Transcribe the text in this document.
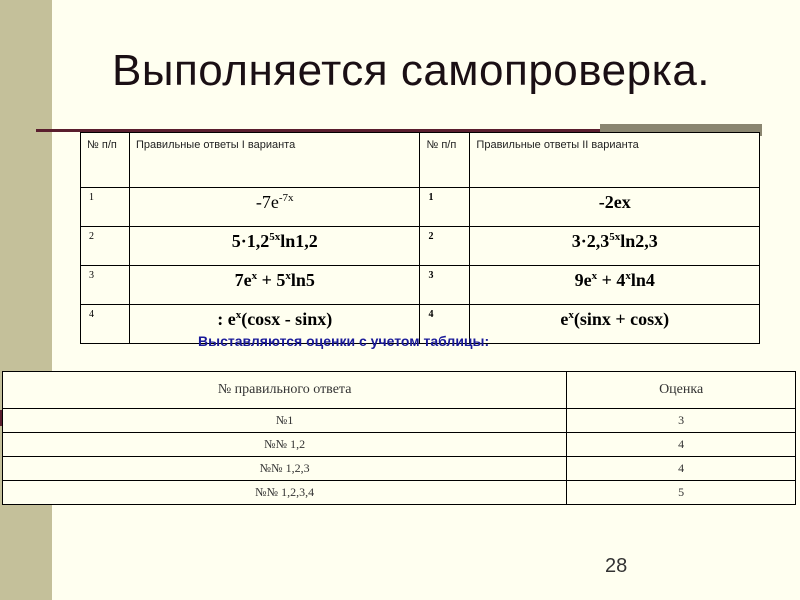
Выполняется самопроверка.
№ п/п	Правильные ответы I варианта	№ п/п	Правильные ответы II варианта
1	$-7e^{-7x}$	1	-2ex
2	$5\cdot 1,2^{5x}\ln 1,2$	2	$3\cdot 2,3^{5x}\ln 2,3$
3	$7e^x + 5^x\ln 5$	3	$9e^x + 4^x\ln 4$
4	: $e^x(\cos x - \sin x)$	4	$e^x(\sin x + \cos x)$
Выставляются оценки с учетом таблицы:
№ правильного ответа	Оценка
№1	3
№№ 1,2	4
№№ 1,2,3	4
№№ 1,2,3,4	5
28
